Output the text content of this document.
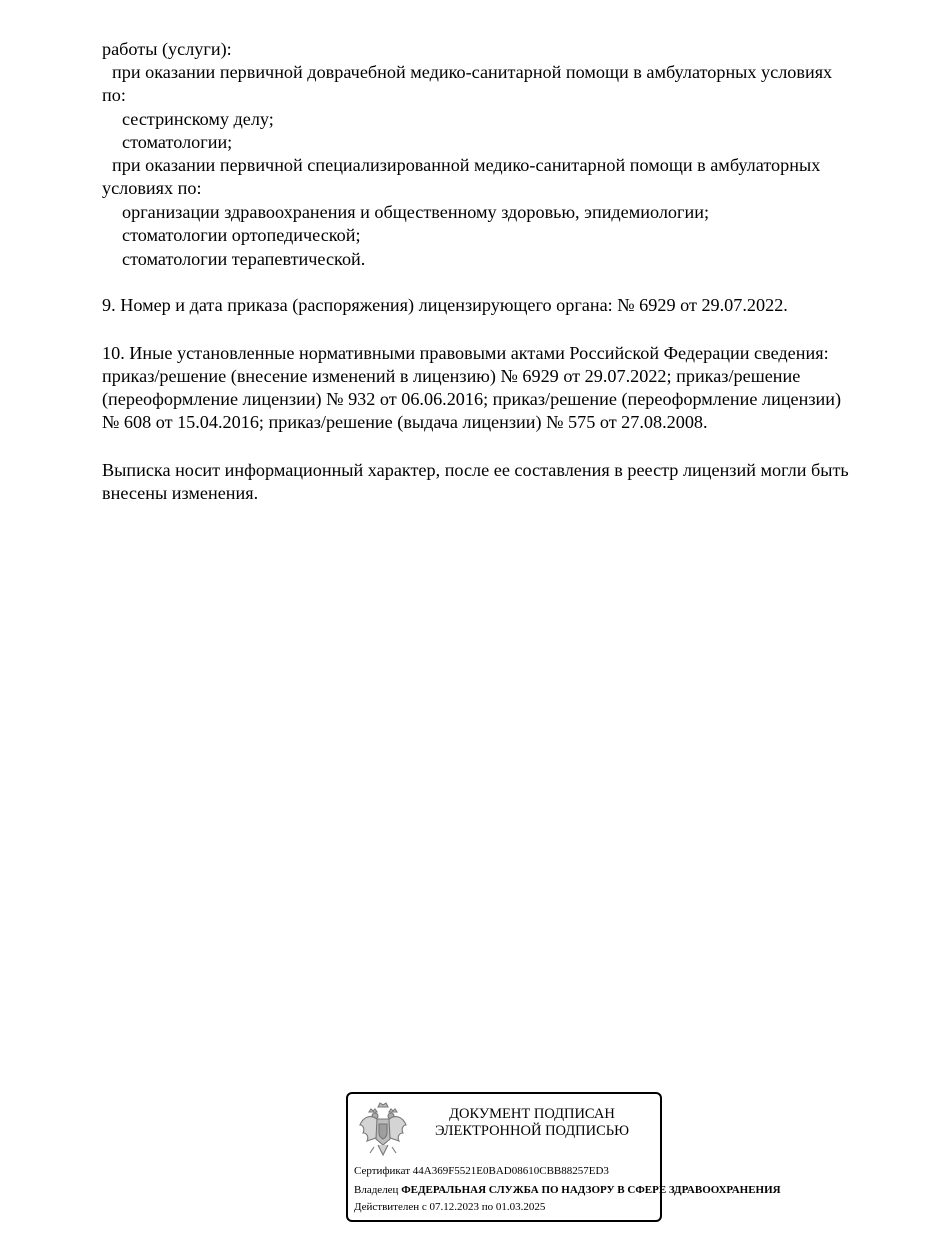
работы (услуги):
при оказании первичной доврачебной медико-санитарной помощи в амбулаторных условиях
по:
сестринскому делу;
стоматологии;
при оказании первичной специализированной медико-санитарной помощи в амбулаторных
условиях по:
организации здравоохранения и общественному здоровью, эпидемиологии;
стоматологии ортопедической;
стоматологии терапевтической.
9. Номер и дата приказа (распоряжения) лицензирующего органа: № 6929 от 29.07.2022.
10. Иные установленные нормативными правовыми актами Российской Федерации сведения:
приказ/решение (внесение изменений в лицензию) № 6929 от 29.07.2022; приказ/решение
(переоформление лицензии) № 932 от 06.06.2016; приказ/решение (переоформление лицензии)
№ 608 от 15.04.2016; приказ/решение (выдача лицензии) № 575 от 27.08.2008.
Выписка носит информационный характер, после ее составления в реестр лицензий могли быть
внесены изменения.
ДОКУМЕНТ ПОДПИСАН
ЭЛЕКТРОННОЙ ПОДПИСЬЮ
Сертификат 44A369F5521E0BAD08610CBB88257ED3
Владелец ФЕДЕРАЛЬНАЯ СЛУЖБА ПО НАДЗОРУ В СФЕРЕ ЗДРАВООХРАНЕНИЯ
Действителен с 07.12.2023 по 01.03.2025
